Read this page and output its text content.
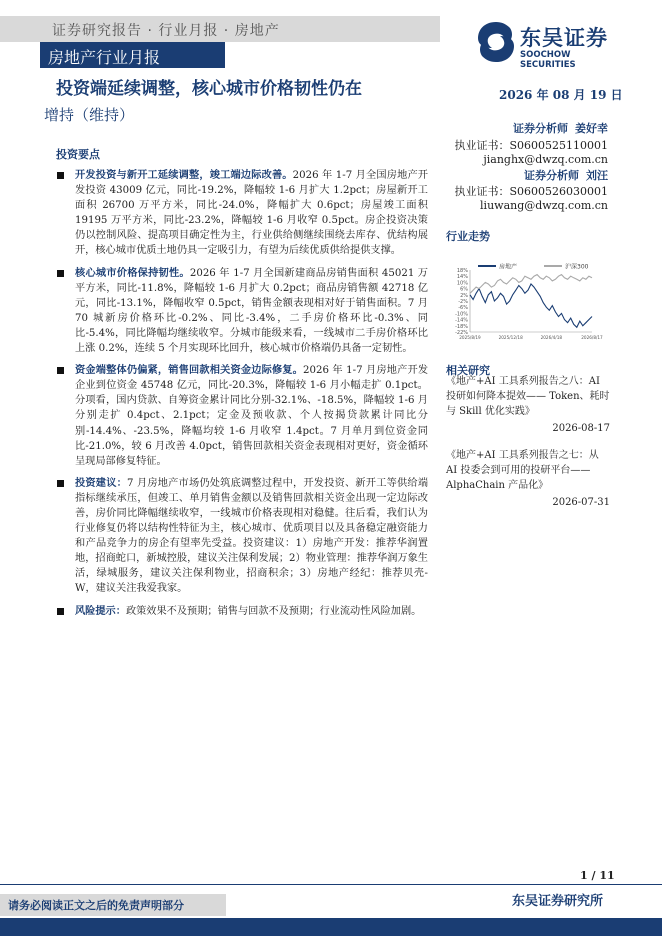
证券研究报告 · 行业月报 · 房地产
房地产行业月报
东吴证券
SOOCHOW SECURITIES
投资端延续调整，核心城市价格韧性仍在	2026 年 08 月 19 日
增持（维持）
证券分析师 姜好幸
执业证书：S0600525110001
jianghx@dwzq.com.cn
证券分析师 刘汪
执业证书：S0600526030001
liuwang@dwzq.com.cn
投资要点
开发投资与新开工延续调整，竣工端边际改善。2026 年 1-7 月全国房地产开发投资 43009 亿元，同比-19.2%，降幅较 1-6 月扩大 1.2pct；房屋新开工面积 26700 万平方米，同比-24.0%，降幅扩大 0.6pct；房屋竣工面积 19195 万平方米，同比-23.2%，降幅较 1-6 月收窄 0.5pct。房企投资决策仍以控制风险、提高项目确定性为主，行业供给侧继续围绕去库存、优结构展开，核心城市优质土地仍具一定吸引力，有望为后续优质供给提供支撑。
核心城市价格保持韧性。2026 年 1-7 月全国新建商品房销售面积 45021 万平方米，同比-11.8%，降幅较 1-6 月扩大 0.2pct；商品房销售额 42718 亿元，同比-13.1%，降幅收窄 0.5pct，销售金额表现相对好于销售面积。7 月 70 城新房价格环比-0.2%、同比-3.4%，二手房价格环比-0.3%、同比-5.4%，同比降幅均继续收窄。分城市能级来看，一线城市二手房价格环比上涨 0.2%，连续 5 个月实现环比回升，核心城市价格端仍具备一定韧性。
资金端整体仍偏紧，销售回款相关资金边际修复。2026 年 1-7 月房地产开发企业到位资金 45748 亿元，同比-20.3%，降幅较 1-6 月小幅走扩 0.1pct。分项看，国内贷款、自筹资金累计同比分别-32.1%、-18.5%，降幅较 1-6 月分别走扩 0.4pct、2.1pct；定金及预收款、个人按揭贷款累计同比分别-14.4%、-23.5%，降幅均较 1-6 月收窄 1.4pct。7 月单月到位资金同比-21.0%，较 6 月改善 4.0pct，销售回款相关资金表现相对更好，资金循环呈现局部修复特征。
投资建议：7 月房地产市场仍处筑底调整过程中，开发投资、新开工等供给端指标继续承压，但竣工、单月销售金额以及销售回款相关资金出现一定边际改善，房价同比降幅继续收窄，一线城市价格表现相对稳健。往后看，我们认为行业修复仍将以结构性特征为主，核心城市、优质项目以及具备稳定融资能力和产品竞争力的房企有望率先受益。投资建议：1）房地产开发：推荐华润置地，招商蛇口，新城控股，建议关注保利发展；2）物业管理：推荐华润万象生活，绿城服务，建议关注保利物业，招商积余；3）房地产经纪：推荐贝壳-W，建议关注我爱我家。
风险提示：政策效果不及预期；销售与回款不及预期；行业流动性风险加剧。
行业走势
房地产	沪深300
18%
14%
10%
6%
2%
-2%
-6%
-10%
-14%
-18%
-22%
2025/8/19	2025/12/18	2026/4/18	2026/8/17
相关研究
《地产+AI 工具系列报告之八：AI 投研如何降本提效—— Token、耗时与 Skill 优化实践》
2026-08-17
《地产+AI 工具系列报告之七：从 AI 投委会到可用的投研平台—— AlphaChain 产品化》
2026-07-31
1 / 11
请务必阅读正文之后的免责声明部分	东吴证券研究所
